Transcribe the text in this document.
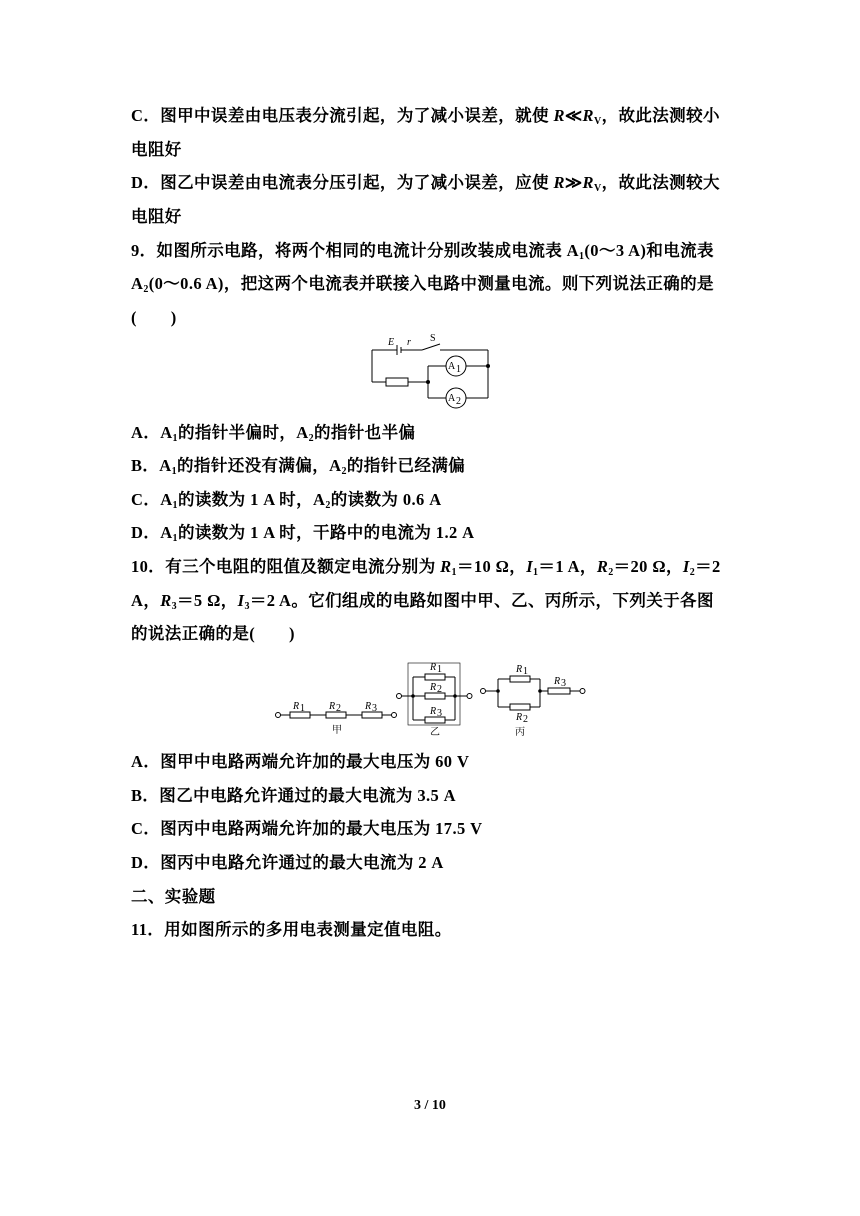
C．图甲中误差由电压表分流引起，为了减小误差，就使 $R≪R_V$，故此法测较小
电阻好
D．图乙中误差由电流表分压引起，为了减小误差，应使 $R≫R_V$，故此法测较大
电阻好
9．如图所示电路，将两个相同的电流计分别改装成电流表 $A_1(0\sim 3$ A)和电流表
$A_2(0\sim 0.6$ A)，把这两个电流表并联接入电路中测量电流。则下列说法正确的是
(　　)
E r S
A 1
A 2
A．$A_1$的指针半偏时，$A_2$的指针也半偏
B．$A_1$的指针还没有满偏，$A_2$的指针已经满偏
C．$A_1$的读数为 1 A 时，$A_2$的读数为 0.6 A
D．$A_1$的读数为 1 A 时，干路中的电流为 1.2 A
10．有三个电阻的阻值及额定电流分别为 $R_1=10$ Ω，$I_1=1$ A，$R_2=20$ Ω，$I_2=2$
A，$R_3=5$ Ω，$I_3=2$ A。它们组成的电路如图中甲、乙、丙所示，下列关于各图
的说法正确的是(　　)
R 1 R 2 R 3
甲
R 1
R 2
R 3
乙
R 1
R 2
R 3
丙
A．图甲中电路两端允许加的最大电压为 60 V
B．图乙中电路允许通过的最大电流为 3.5 A
C．图丙中电路两端允许加的最大电压为 17.5 V
D．图丙中电路允许通过的最大电流为 2 A
二、实验题
11．用如图所示的多用电表测量定值电阻。
3 / 10
